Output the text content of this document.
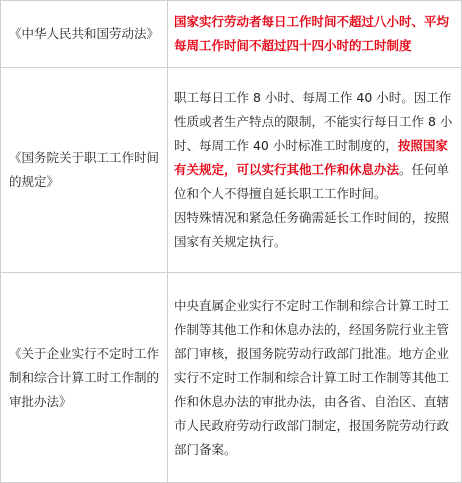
《中华人民共和国劳动法》	国家实行劳动者每日工作时间不超过八小时、平均每周工作时间不超过四十四小时的工时制度
《国务院关于职工工作时间的规定》	职工每日工作 8 小时、每周工作 40 小时。因工作性质或者生产特点的限制，不能实行每日工作 8 小时、每周工作 40 小时标准工时制度的，按照国家有关规定，可以实行其他工作和休息办法。任何单位和个人不得擅自延长职工工作时间。
因特殊情况和紧急任务确需延长工作时间的，按照国家有关规定执行。

《关于企业实行不定时工作制和综合计算工时工作制的审批办法》	中央直属企业实行不定时工作制和综合计算工时工作制等其他工作和休息办法的，经国务院行业主管部门审核，报国务院劳动行政部门批准。地方企业实行不定时工作制和综合计算工时工作制等其他工作和休息办法的审批办法，由各省、自治区、直辖市人民政府劳动行政部门制定，报国务院劳动行政部门备案。
